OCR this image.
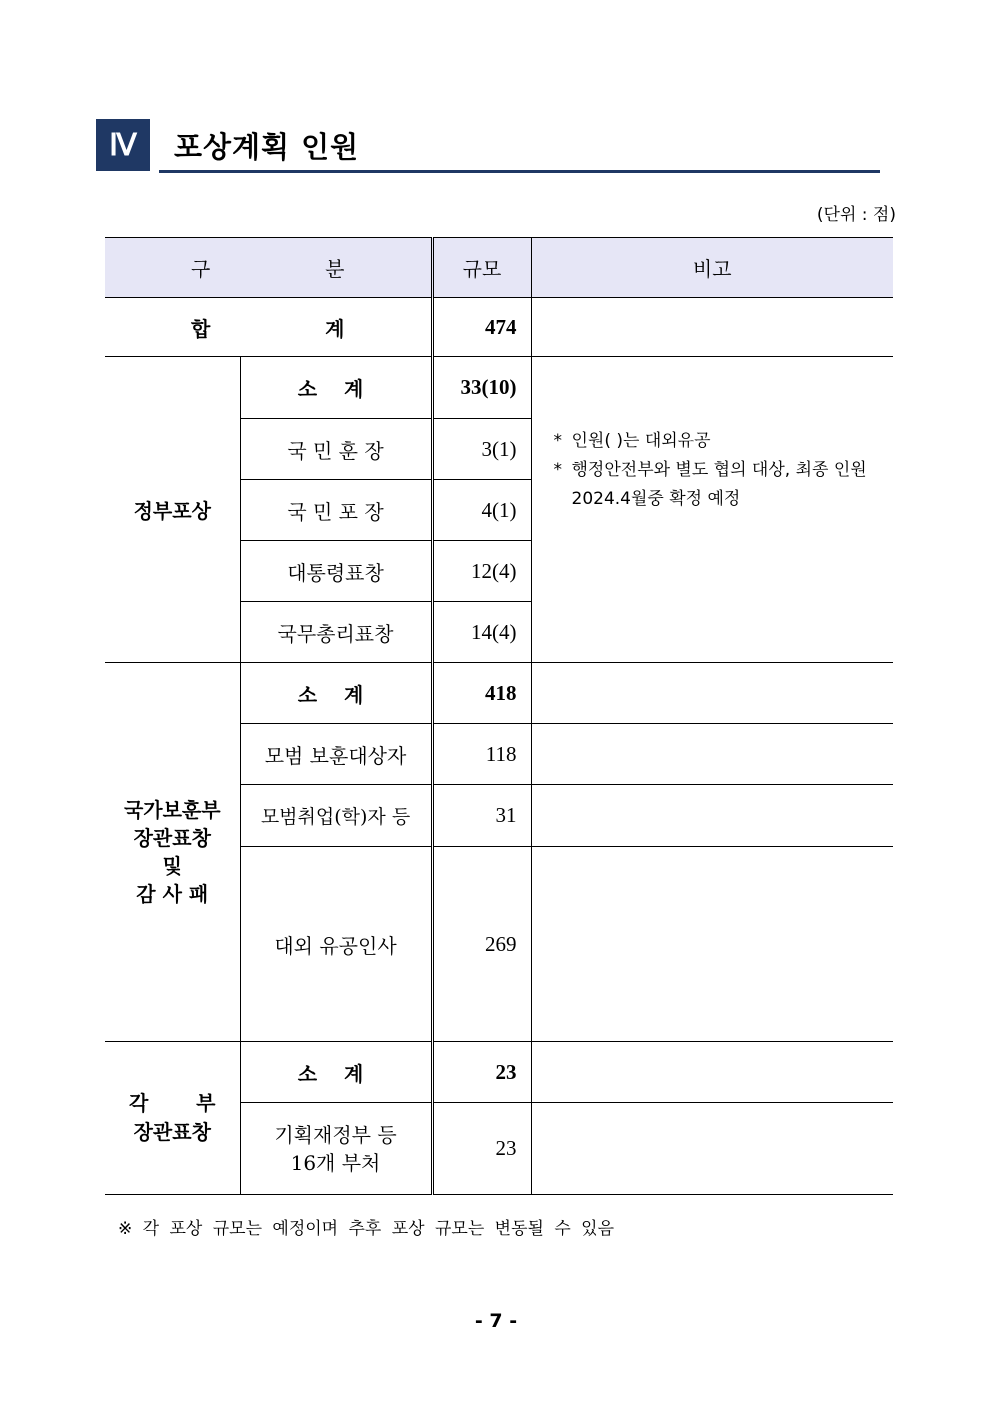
Ⅳ	포상계획 인원
(단위 : 점)
구 분		규모	비고

합 계		474	
정부포상	소 계	33(10)	* 인원( )는 대외유공
* 행정안전부와 별도 협의 대상, 최종 인원 2024.4월중 확정 예정

	국 민 훈 장	3(1)	
	국 민 포 장	4(1)	
	대통령표창	12(4)	
	국무총리표창	14(4)	

국가보훈부
장관표창
및
감 사 패	소 계	418	
	모범 보훈대상자	118	
	모범취업(학)자 등	31	
	대외 유공인사	269	

각 부
장관표창	소 계	23	

	기획재정부 등
16개 부처	23	
※ 각 포상 규모는 예정이며 추후 포상 규모는 변동될 수 있음
- 7 -
